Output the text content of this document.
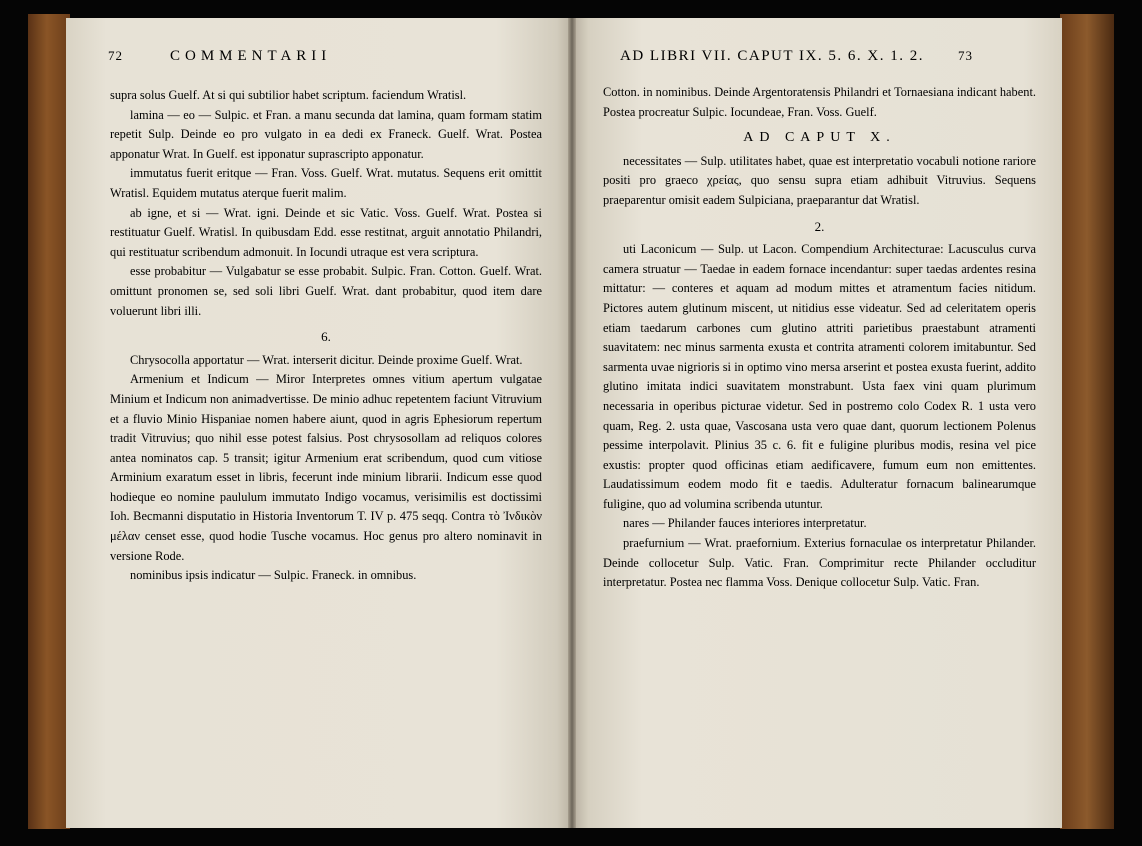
72	COMMENTARII	AD LIBRI VII. CAPUT IX. 5. 6. X. 1. 2.	73

supra solus Guelf. At si qui subtilior habet scriptum. faciendum Wratisl.

lamina — eo — Sulpic. et Fran. a manu secunda dat lamina, quam formam statim repetit Sulp. Deinde eo pro vulgato in ea dedi ex Franeck. Guelf. Wrat. Postea apponatur Wrat. In Guelf. est ipponatur suprascripto apponatur.

immutatus fuerit eritque — Fran. Voss. Guelf. Wrat. mutatus. Sequens erit omittit Wratisl. Equidem mutatus aterque fuerit malim.

ab igne, et si — Wrat. igni. Deinde et sic Vatic. Voss. Guelf. Wrat. Postea si restituatur Guelf. Wratisl. In quibusdam Edd. esse restitnat, arguit annotatio Philandri, qui restituatur scribendum admonuit. In Iocundi utraque est vera scriptura.

esse probabitur — Vulgabatur se esse probabit. Sulpic. Fran. Cotton. Guelf. Wrat. omittunt pronomen se, sed soli libri Guelf. Wrat. dant probabitur, quod item dare voluerunt libri illi.

6.

Chrysocolla apportatur — Wrat. interserit dicitur. Deinde proxime Guelf. Wrat.

Armenium et Indicum — Miror Interpretes omnes vitium apertum vulgatae Minium et Indicum non animadvertisse. De minio adhuc repetentem faciunt Vitruvium et a fluvio Minio Hispaniae nomen habere aiunt, quod in agris Ephesiorum repertum tradit Vitruvius; quo nihil esse potest falsius. Post chrysosollam ad reliquos colores antea nominatos cap. 5 transit; igitur Armenium erat scribendum, quod cum vitiose Arminium exaratum esset in libris, fecerunt inde minium librarii. Indicum esse quod hodieque eo nomine paululum immutato Indigo vocamus, verisimilis est doctissimi Ioh. Becmanni disputatio in Historia Inventorum T. IV p. 475 seqq. Contra τὸ Ἰνδικὸν μέλαν censet esse, quod hodie Tusche vocamus. Hoc genus pro altero nominavit in versione Rode.

nominibus ipsis indicatur — Sulpic. Franeck. in omnibus.

Cotton. in nominibus. Deinde Argentoratensis Philandri et Tornaesiana indicant habent. Postea procreatur Sulpic. Iocundeae, Fran. Voss. Guelf.

AD CAPUT X.

necessitates — Sulp. utilitates habet, quae est interpretatio vocabuli notione rariore positi pro graeco χρείας, quo sensu supra etiam adhibuit Vitruvius. Sequens praeparentur omisit eadem Sulpiciana, praeparantur dat Wratisl.

2.

uti Laconicum — Sulp. ut Lacon. Compendium Architecturae: Lacusculus curva camera struatur — Taedae in eadem fornace incendantur: super taedas ardentes resina mittatur: — conteres et aquam ad modum mittes et atramentum facies nitidum. Pictores autem glutinum miscent, ut nitidius esse videatur. Sed ad celeritatem operis etiam taedarum carbones cum glutino attriti parietibus praestabunt atramenti suavitatem: nec minus sarmenta exusta et contrita atramenti colorem imitabuntur. Sed sarmenta uvae nigrioris si in optimo vino mersa arserint et postea exusta fuerint, addito glutino imitata indici suavitatem monstrabunt. Usta faex vini quam plurimum necessaria in operibus picturae videtur. Sed in postremo colo Codex R. 1 usta vero quam, Reg. 2. usta quae, Vascosana usta vero quae dant, quorum lectionem Polenus pessime interpolavit. Plinius 35 c. 6. fit e fuligine pluribus modis, resina vel pice exustis: propter quod officinas etiam aedificavere, fumum eum non emittentes. Laudatissimum eodem modo fit e taedis. Adulteratur fornacum balinearumque fuligine, quo ad volumina scribenda utuntur.

nares — Philander fauces interiores interpretatur.

praefurnium — Wrat. praefornium. Exterius fornaculae os interpretatur Philander. Deinde collocetur Sulp. Vatic. Fran. Comprimitur recte Philander occluditur interpretatur. Postea nec flamma Voss. Denique collocetur Sulp. Vatic. Fran.
